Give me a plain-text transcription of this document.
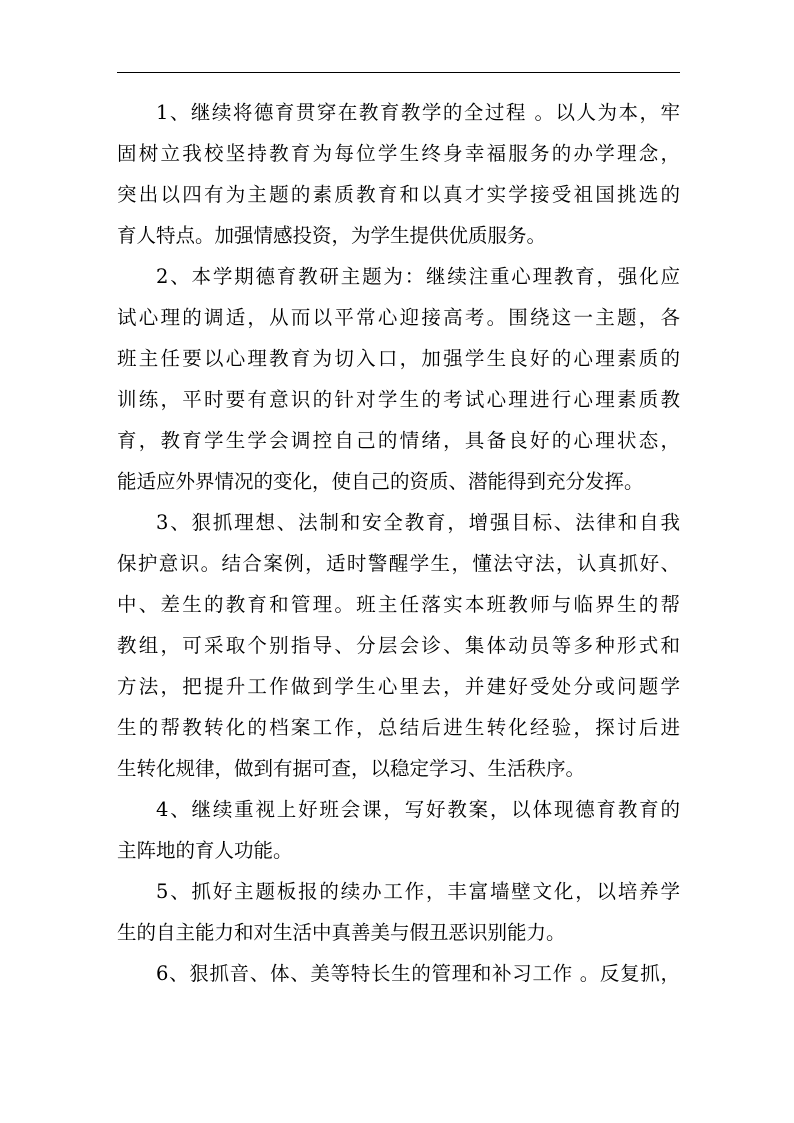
1、继续将德育贯穿在教育教学的全过程 。以人为本，牢
固树立我校坚持教育为每位学生终身幸福服务的办学理念，
突出以四有为主题的素质教育和以真才实学接受祖国挑选的
育人特点。加强情感投资，为学生提供优质服务。
2、本学期德育教研主题为：继续注重心理教育，强化应
试心理的调适，从而以平常心迎接高考。围绕这一主题，各
班主任要以心理教育为切入口，加强学生良好的心理素质的
训练，平时要有意识的针对学生的考试心理进行心理素质教
育，教育学生学会调控自己的情绪，具备良好的心理状态，
能适应外界情况的变化，使自己的资质、潜能得到充分发挥。
3、狠抓理想、法制和安全教育，增强目标、法律和自我
保护意识。结合案例，适时警醒学生，懂法守法，认真抓好、
中、差生的教育和管理。班主任落实本班教师与临界生的帮
教组，可采取个别指导、分层会诊、集体动员等多种形式和
方法，把提升工作做到学生心里去，并建好受处分或问题学
生的帮教转化的档案工作，总结后进生转化经验，探讨后进
生转化规律，做到有据可查，以稳定学习、生活秩序。
4、继续重视上好班会课，写好教案，以体现德育教育的
主阵地的育人功能。
5、抓好主题板报的续办工作，丰富墙壁文化，以培养学
生的自主能力和对生活中真善美与假丑恶识别能力。
6、狠抓音、体、美等特长生的管理和补习工作 。反复抓，
